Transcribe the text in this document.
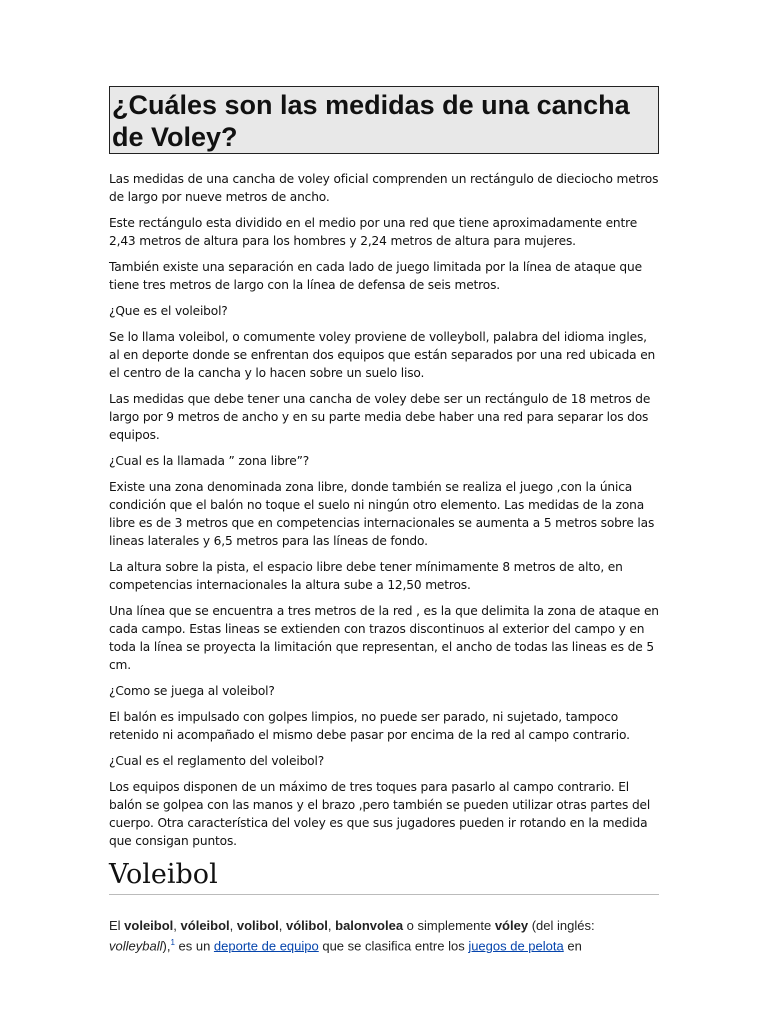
¿Cuáles son las medidas de una cancha de Voley?

Las medidas de una cancha de voley oficial comprenden un rectángulo de dieciocho metros de largo por nueve metros de ancho.

Este rectángulo esta dividido en el medio por una red que tiene aproximadamente entre 2,43 metros de altura para los hombres y 2,24 metros de altura para mujeres.

También existe una separación en cada lado de juego limitada por la línea de ataque que tiene tres metros de largo con la línea de defensa de seis metros.

¿Que es el voleibol?

Se lo llama voleibol, o comumente voley proviene de volleyboll, palabra del idioma ingles, al en deporte donde se enfrentan dos equipos que están separados por una red ubicada en el centro de la cancha y lo hacen sobre un suelo liso.

Las medidas que debe tener una cancha de voley debe ser un rectángulo de 18 metros de largo por 9 metros de ancho y en su parte media debe haber una red para separar los dos equipos.

¿Cual es la llamada ” zona libre”?

Existe una zona denominada zona libre, donde también se realiza el juego ,con la única condición que el balón no toque el suelo ni ningún otro elemento. Las medidas de la zona libre es de 3 metros que en competencias internacionales se aumenta a 5 metros sobre las lineas laterales y 6,5 metros para las líneas de fondo.

La altura sobre la pista, el espacio libre debe tener mínimamente 8 metros de alto, en competencias internacionales la altura sube a 12,50 metros.

Una línea que se encuentra a tres metros de la red , es la que delimita la zona de ataque en cada campo. Estas lineas se extienden con trazos discontinuos al exterior del campo y en toda la línea se proyecta la limitación que representan, el ancho de todas las lineas es de 5 cm.

¿Como se juega al voleibol?

El balón es impulsado con golpes limpios, no puede ser parado, ni sujetado, tampoco retenido ni acompañado el mismo debe pasar por encima de la red al campo contrario.

¿Cual es el reglamento del voleibol?

Los equipos disponen de un máximo de tres toques para pasarlo al campo contrario. El balón se golpea con las manos y el brazo ,pero también se pueden utilizar otras partes del cuerpo. Otra característica del voley es que sus jugadores pueden ir rotando en la medida que consigan puntos.

Voleibol
El voleibol, vóleibol, volibol, vólibol, balonvolea o simplemente vóley (del inglés: volleyball),$^1$ es un deporte de equipo que se clasifica entre los juegos de pelota en
